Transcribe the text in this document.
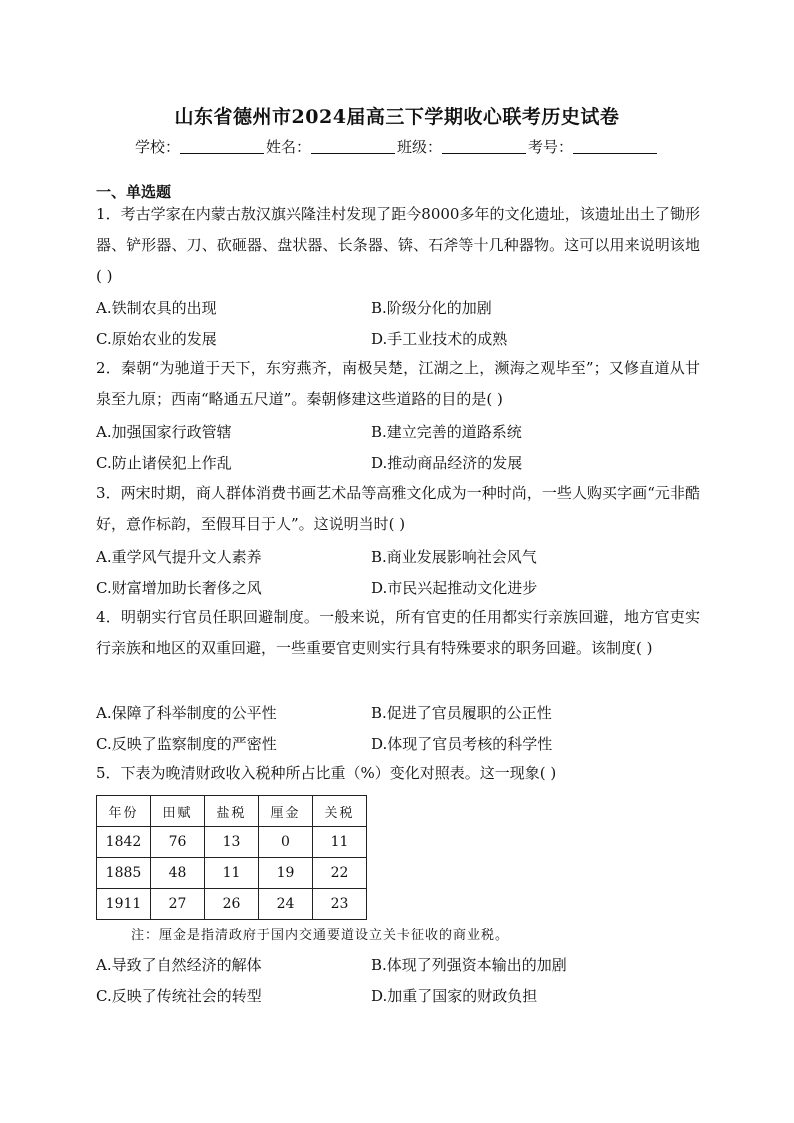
山东省德州市2024届高三下学期收心联考历史试卷
学校：	姓名：	班级：	考号：
一、单选题
1．考古学家在内蒙古敖汉旗兴隆洼村发现了距今8000多年的文化遗址，该遗址出土了锄形器、铲形器、刀、砍砸器、盘状器、长条器、锛、石斧等十几种器物。这可以用来说明该地( )
A.铁制农具的出现	B.阶级分化的加剧
C.原始农业的发展	D.手工业技术的成熟
2．秦朝“为驰道于天下，东穷燕齐，南极吴楚，江湖之上，濒海之观毕至”；又修直道从甘泉至九原；西南“略通五尺道”。秦朝修建这些道路的目的是( )
A.加强国家行政管辖	B.建立完善的道路系统
C.防止诸侯犯上作乱	D.推动商品经济的发展
3．两宋时期，商人群体消费书画艺术品等高雅文化成为一种时尚，一些人购买字画“元非酷好，意作标韵，至假耳目于人”。这说明当时( )
A.重学风气提升文人素养	B.商业发展影响社会风气
C.财富增加助长奢侈之风	D.市民兴起推动文化进步
4．明朝实行官员任职回避制度。一般来说，所有官吏的任用都实行亲族回避，地方官吏实行亲族和地区的双重回避，一些重要官吏则实行具有特殊要求的职务回避。该制度( )
A.保障了科举制度的公平性	B.促进了官员履职的公正性
C.反映了监察制度的严密性	D.体现了官员考核的科学性
5．下表为晚清财政收入税种所占比重（%）变化对照表。这一现象( )
年份	田赋	盐税	厘金	关税
1842	76	13	0	11
1885	48	11	19	22
1911	27	26	24	23
注：厘金是指清政府于国内交通要道设立关卡征收的商业税。
A.导致了自然经济的解体	B.体现了列强资本输出的加剧
C.反映了传统社会的转型	D.加重了国家的财政负担
